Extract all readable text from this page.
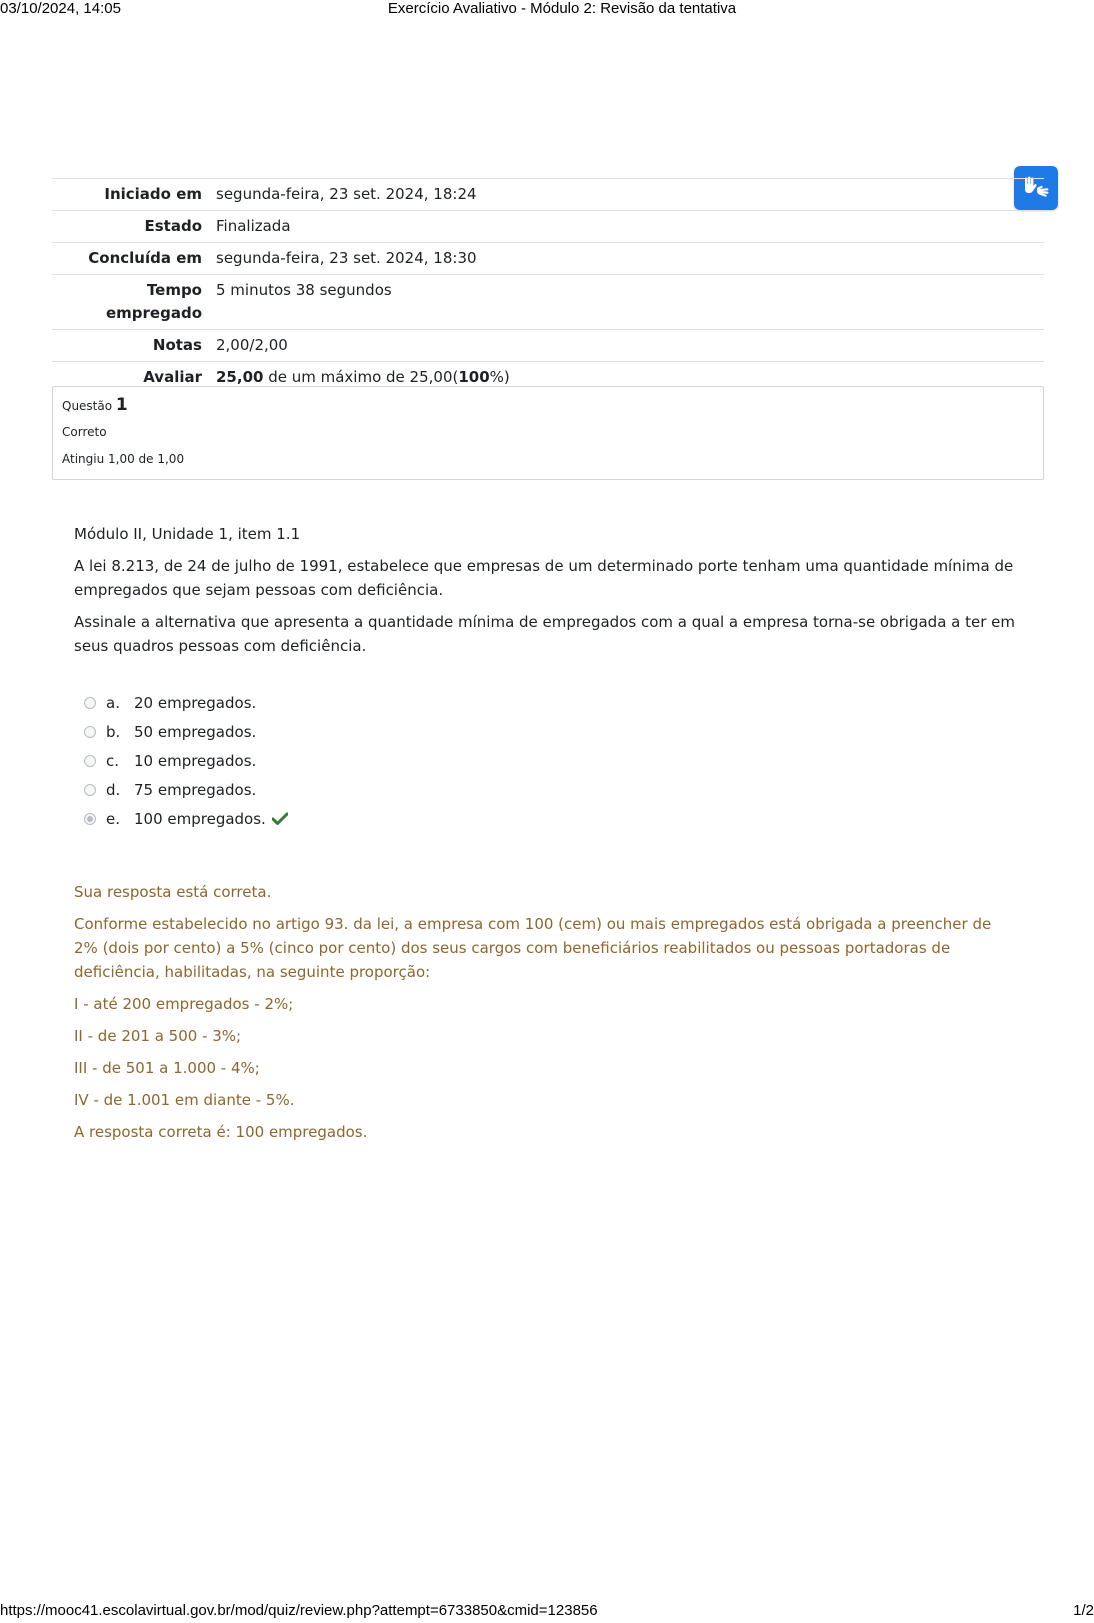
03/10/2024, 14:05	Exercício Avaliativo - Módulo 2: Revisão da tentativa
Iniciado em	segunda-feira, 23 set. 2024, 18:24
Estado	Finalizada
Concluída em	segunda-feira, 23 set. 2024, 18:30
Tempo
empregado	5 minutos 38 segundos
Notas	2,00/2,00
Avaliar	25,00 de um máximo de 25,00(100%)
Questão 1
Correto
Atingiu 1,00 de 1,00

Módulo II, Unidade 1, item 1.1

A lei 8.213, de 24 de julho de 1991, estabelece que empresas de um determinado porte tenham uma quantidade mínima de empregados que sejam pessoas com deficiência.

Assinale a alternativa que apresenta a quantidade mínima de empregados com a qual a empresa torna-se obrigada a ter em seus quadros pessoas com deficiência.

a. 20 empregados.
b. 50 empregados.
c. 10 empregados.
d. 75 empregados.
e. 100 empregados.

Sua resposta está correta.

Conforme estabelecido no artigo 93. da lei, a empresa com 100 (cem) ou mais empregados está obrigada a preencher de 2% (dois por cento) a 5% (cinco por cento) dos seus cargos com beneficiários reabilitados ou pessoas portadoras de deficiência, habilitadas, na seguinte proporção:

I - até 200 empregados - 2%;

II - de 201 a 500 - 3%;

III - de 501 a 1.000 - 4%;

IV - de 1.001 em diante - 5%.

A resposta correta é: 100 empregados.

https://mooc41.escolavirtual.gov.br/mod/quiz/review.php?attempt=6733850&cmid=123856	1/2
